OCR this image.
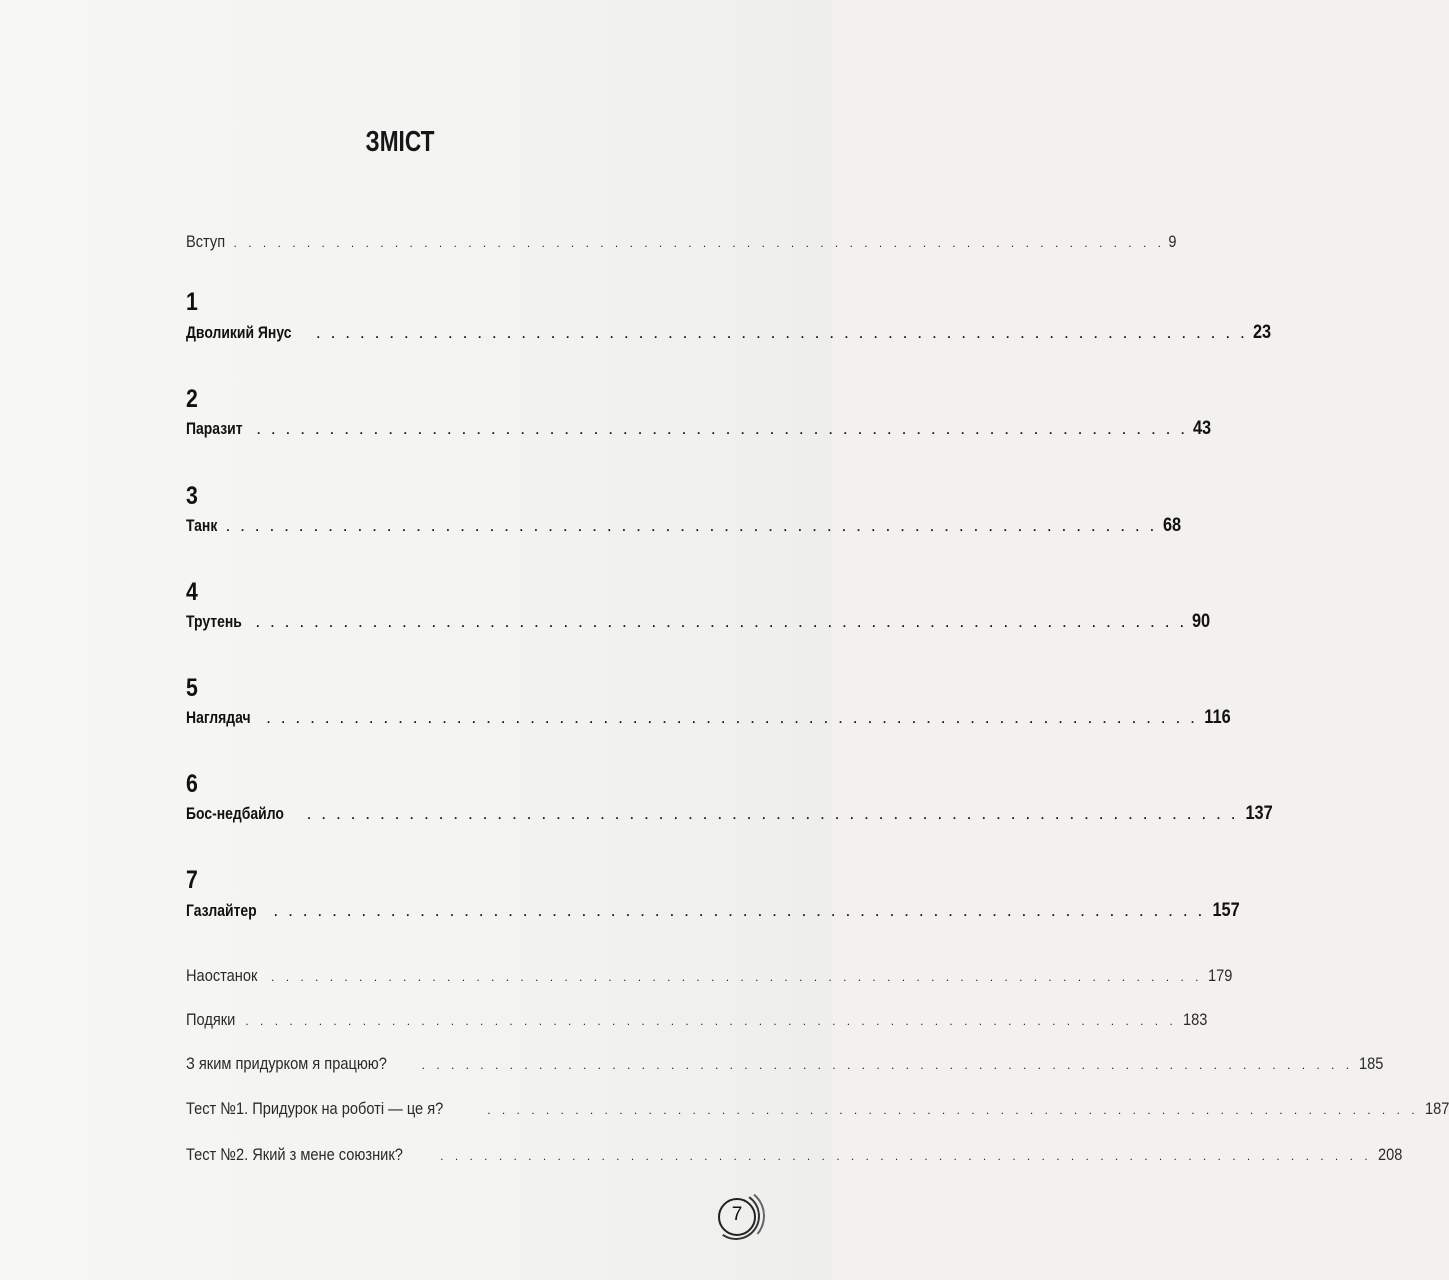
ЗМІСТ
Вступ . . . . . . . . . . . . . . . . . . . . . . . . . . . . . . . . . . . . . . . . . . . . . . . . . . . . . . . . . . . . . . . . 9
1
Дволикий Янус . . . . . . . . . . . . . . . . . . . . . . . . . . . . . . . . . . . . . . . . . . . . . . . . . . . . . . . . . . . . . . . . 23
2
Паразит . . . . . . . . . . . . . . . . . . . . . . . . . . . . . . . . . . . . . . . . . . . . . . . . . . . . . . . . . . . . . . . . 43
3
Танк . . . . . . . . . . . . . . . . . . . . . . . . . . . . . . . . . . . . . . . . . . . . . . . . . . . . . . . . . . . . . . . . 68
4
Трутень . . . . . . . . . . . . . . . . . . . . . . . . . . . . . . . . . . . . . . . . . . . . . . . . . . . . . . . . . . . . . . . . 90
5
Наглядач . . . . . . . . . . . . . . . . . . . . . . . . . . . . . . . . . . . . . . . . . . . . . . . . . . . . . . . . . . . . . . . . 116
6
Бос-недбайло . . . . . . . . . . . . . . . . . . . . . . . . . . . . . . . . . . . . . . . . . . . . . . . . . . . . . . . . . . . . . . . . 137
7
Газлайтер . . . . . . . . . . . . . . . . . . . . . . . . . . . . . . . . . . . . . . . . . . . . . . . . . . . . . . . . . . . . . . . . 157
Наостанок . . . . . . . . . . . . . . . . . . . . . . . . . . . . . . . . . . . . . . . . . . . . . . . . . . . . . . . . . . . . . . . . 179
Подяки . . . . . . . . . . . . . . . . . . . . . . . . . . . . . . . . . . . . . . . . . . . . . . . . . . . . . . . . . . . . . . . . 183
З яким придурком я працюю?	. . . . . . . . . . . . . . . . . . . . . . . . . . . . . . . . . . . . . . . . . . . . . . . . . . . . . . . . . . . . . . . . 185
Тест №1. Придурок на роботі — це я?	. . . . . . . . . . . . . . . . . . . . . . . . . . . . . . . . . . . . . . . . . . . . . . . . . . . . . . . . . . . . . . . . 187
Тест №2. Який з мене союзник?	. . . . . . . . . . . . . . . . . . . . . . . . . . . . . . . . . . . . . . . . . . . . . . . . . . . . . . . . . . . . . . . . 208
7
